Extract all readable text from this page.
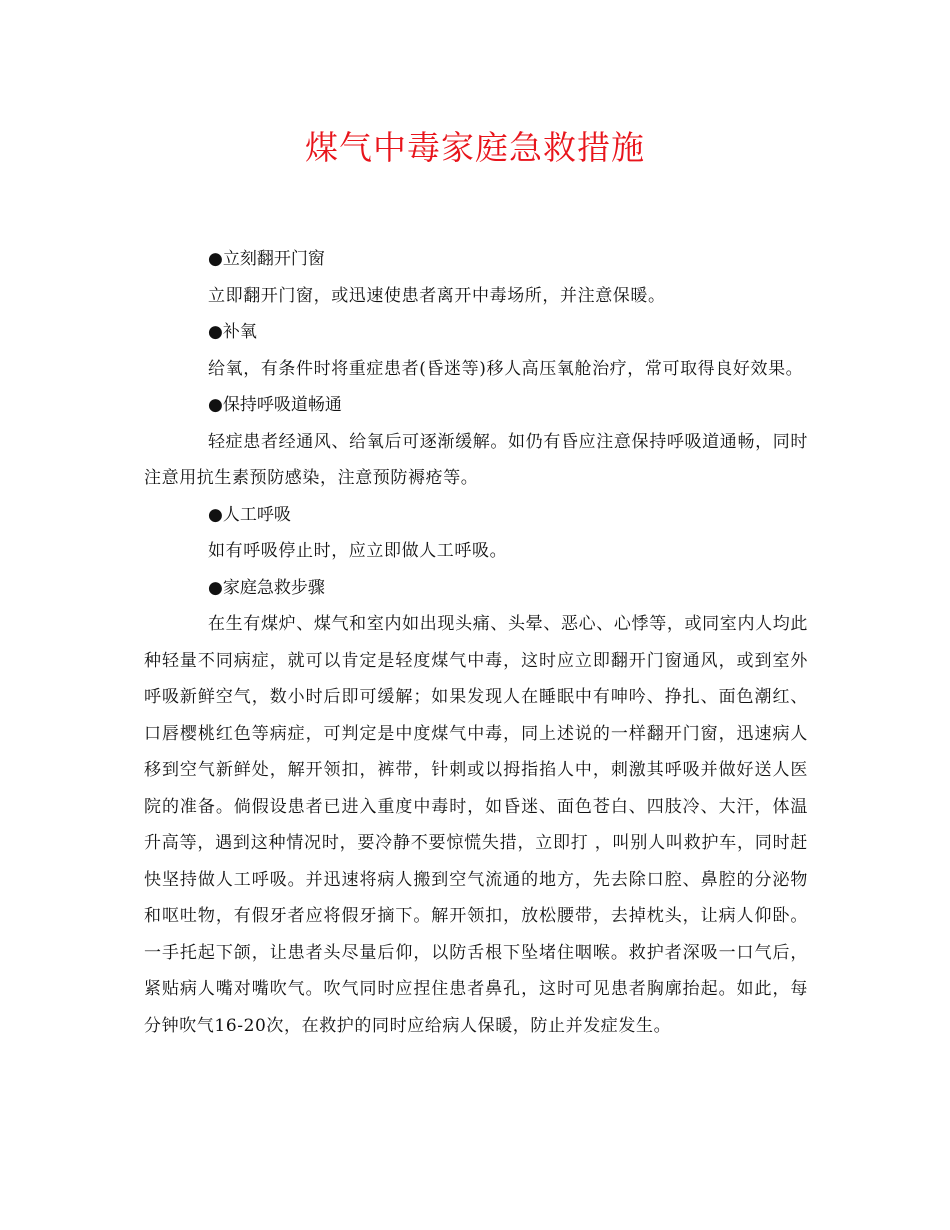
煤气中毒家庭急救措施

●立刻翻开门窗

立即翻开门窗，或迅速使患者离开中毒场所，并注意保暖。

●补氧

给氧，有条件时将重症患者(昏迷等)移人高压氧舱治疗，常可取得良好效果。

●保持呼吸道畅通

轻症患者经通风、给氧后可逐渐缓解。如仍有昏应注意保持呼吸道通畅，同时注意用抗生素预防感染，注意预防褥疮等。

●人工呼吸

如有呼吸停止时，应立即做人工呼吸。

●家庭急救步骤

在生有煤炉、煤气和室内如出现头痛、头晕、恶心、心悸等，或同室内人均此种轻量不同病症，就可以肯定是轻度煤气中毒，这时应立即翻开门窗通风，或到室外呼吸新鲜空气，数小时后即可缓解；如果发现人在睡眠中有呻吟、挣扎、面色潮红、口唇樱桃红色等病症，可判定是中度煤气中毒，同上述说的一样翻开门窗，迅速病人移到空气新鲜处，解开领扣，裤带，针刺或以拇指掐人中，刺激其呼吸并做好送人医院的准备。倘假设患者已进入重度中毒时，如昏迷、面色苍白、四肢冷、大汗，体温升高等，遇到这种情况时，要冷静不要惊慌失措，立即打 ，叫别人叫救护车，同时赶快坚持做人工呼吸。并迅速将病人搬到空气流通的地方，先去除口腔、鼻腔的分泌物和呕吐物，有假牙者应将假牙摘下。解开领扣，放松腰带，去掉枕头，让病人仰卧。一手托起下颌，让患者头尽量后仰，以防舌根下坠堵住咽喉。救护者深吸一口气后，紧贴病人嘴对嘴吹气。吹气同时应捏住患者鼻孔，这时可见患者胸廓抬起。如此，每分钟吹气16-20次，在救护的同时应给病人保暖，防止并发症发生。
